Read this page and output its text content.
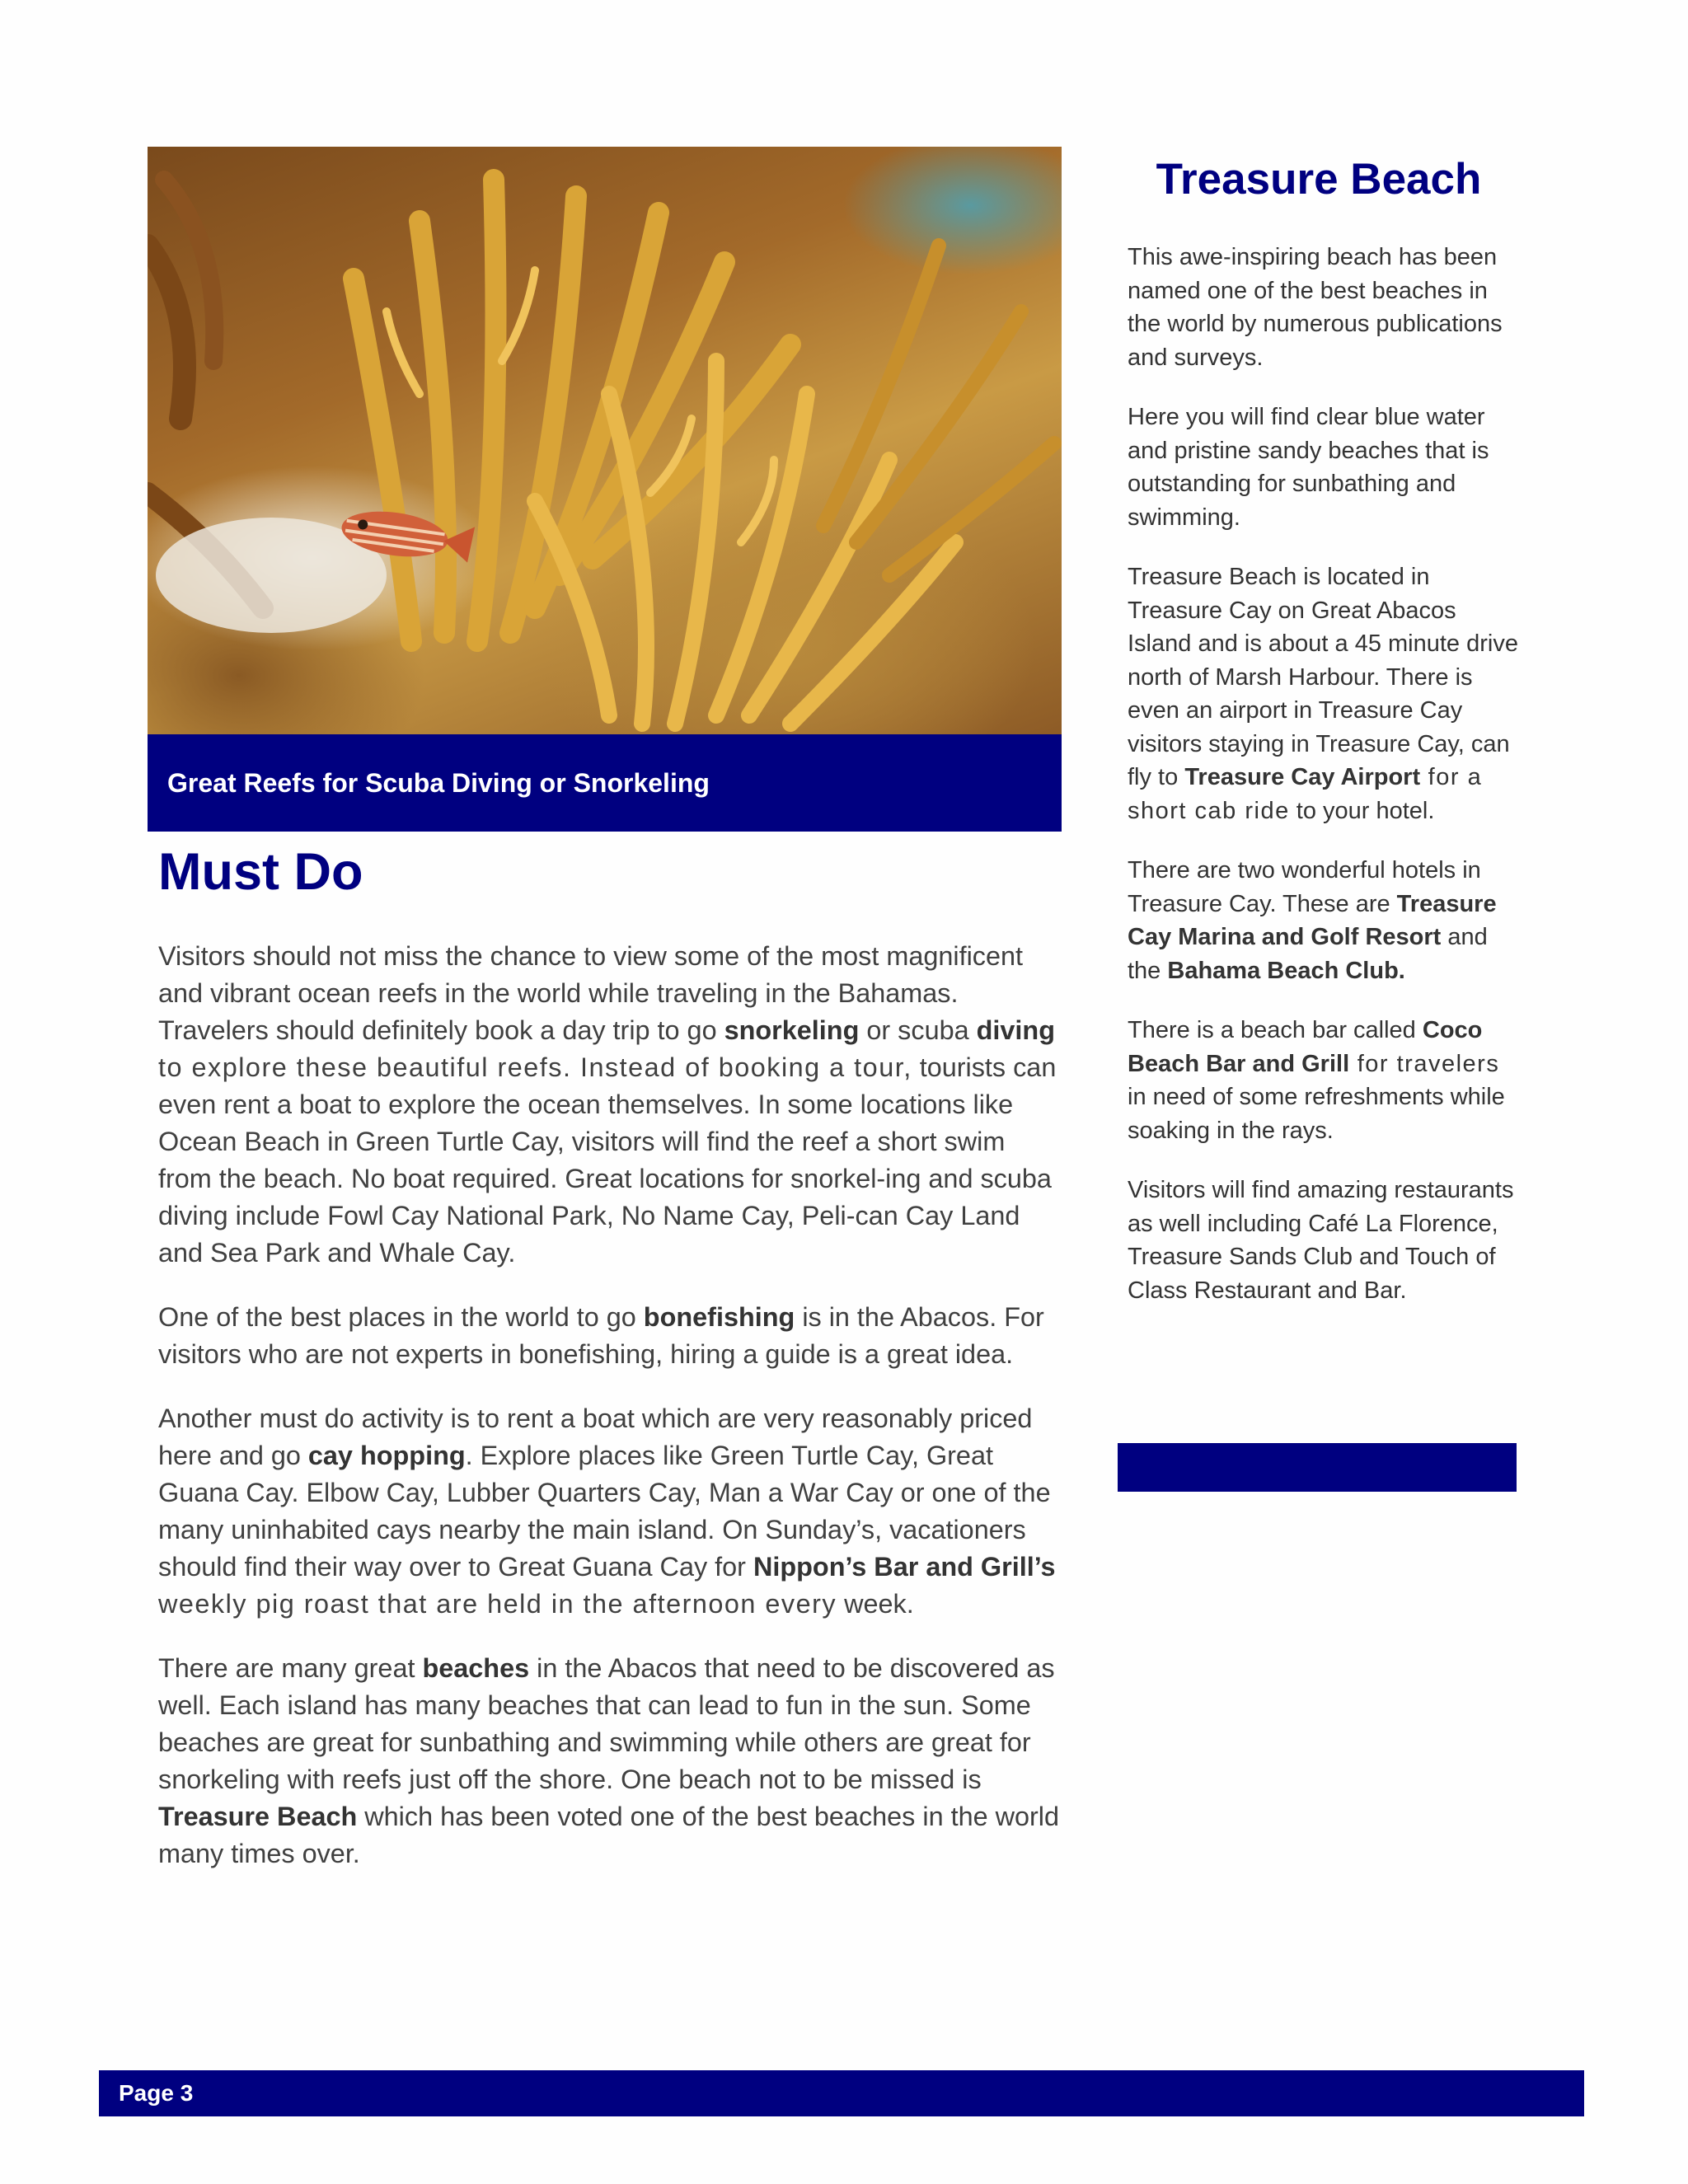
Great Reefs for Scuba Diving or Snorkeling
Must Do

Visitors should not miss the chance to view some of the most magnificent and vibrant ocean reefs in the world while traveling in the Bahamas. Travelers should definitely book a day trip to go snorkeling or scuba diving to explore these beautiful reefs. Instead of booking a tour, tourists can even rent a boat to explore the ocean themselves. In some locations like Ocean Beach in Green Turtle Cay, visitors will find the reef a short swim from the beach. No boat required. Great locations for snorkel-ing and scuba diving include Fowl Cay National Park, No Name Cay, Peli-can Cay Land and Sea Park and Whale Cay.

One of the best places in the world to go bonefishing is in the Abacos. For visitors who are not experts in bonefishing, hiring a guide is a great idea.

Another must do activity is to rent a boat which are very reasonably priced here and go cay hopping. Explore places like Green Turtle Cay, Great Guana Cay. Elbow Cay, Lubber Quarters Cay, Man a War Cay or one of the many uninhabited cays nearby the main island. On Sunday’s, vacationers should find their way over to Great Guana Cay for Nippon’s Bar and Grill’s weekly pig roast that are held in the afternoon every week.

There are many great beaches in the Abacos that need to be discovered as well. Each island has many beaches that can lead to fun in the sun. Some beaches are great for sunbathing and swimming while others are great for snorkeling with reefs just off the shore. One beach not to be missed is Treasure Beach which has been voted one of the best beaches in the world many times over.

Treasure Beach

This awe-inspiring beach has been named one of the best beaches in the world by numerous publications and surveys.

Here you will find clear blue water and pristine sandy beaches that is outstanding for sunbathing and swimming.

Treasure Beach is located in Treasure Cay on Great Abacos Island and is about a 45 minute drive north of Marsh Harbour. There is even an airport in Treasure Cay visitors staying in Treasure Cay, can fly to Treasure Cay Airport for a short cab ride to your hotel.

There are two wonderful hotels in Treasure Cay. These are Treasure Cay Marina and Golf Resort and the Bahama Beach Club.

There is a beach bar called Coco Beach Bar and Grill for travelers in need of some refreshments while soaking in the rays.

Visitors will find amazing restaurants as well including Café La Florence, Treasure Sands Club and Touch of Class Restaurant and Bar.

Page 3
